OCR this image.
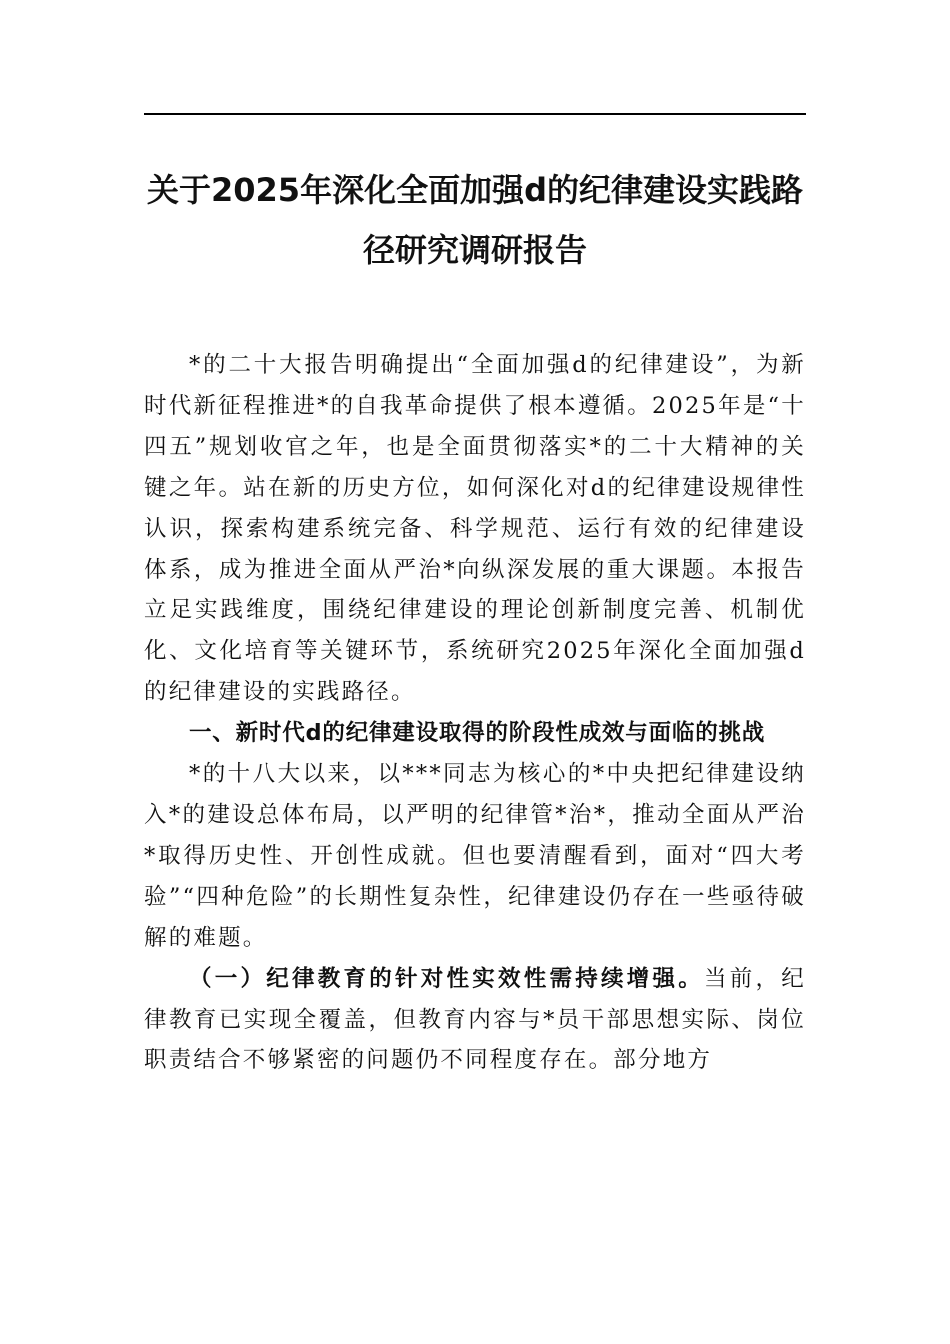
关于2025年深化全面加强d的纪律建设实践路径研究调研报告

*的二十大报告明确提出“全面加强d的纪律建设”，为新时代新征程推进*的自我革命提供了根本遵循。2025年是“十四五”规划收官之年，也是全面贯彻落实*的二十大精神的关键之年。站在新的历史方位，如何深化对d的纪律建设规律性认识，探索构建系统完备、科学规范、运行有效的纪律建设体系，成为推进全面从严治*向纵深发展的重大课题。本报告立足实践维度，围绕纪律建设的理论创新制度完善、机制优化、文化培育等关键环节，系统研究2025年深化全面加强d的纪律建设的实践路径。

一、新时代d的纪律建设取得的阶段性成效与面临的挑战

*的十八大以来，以***同志为核心的*中央把纪律建设纳入*的建设总体布局，以严明的纪律管*治*，推动全面从严治*取得历史性、开创性成就。但也要清醒看到，面对“四大考验”“四种危险”的长期性复杂性，纪律建设仍存在一些亟待破解的难题。

（一）纪律教育的针对性实效性需持续增强。当前，纪律教育已实现全覆盖，但教育内容与*员干部思想实际、岗位职责结合不够紧密的问题仍不同程度存在。部分地方
